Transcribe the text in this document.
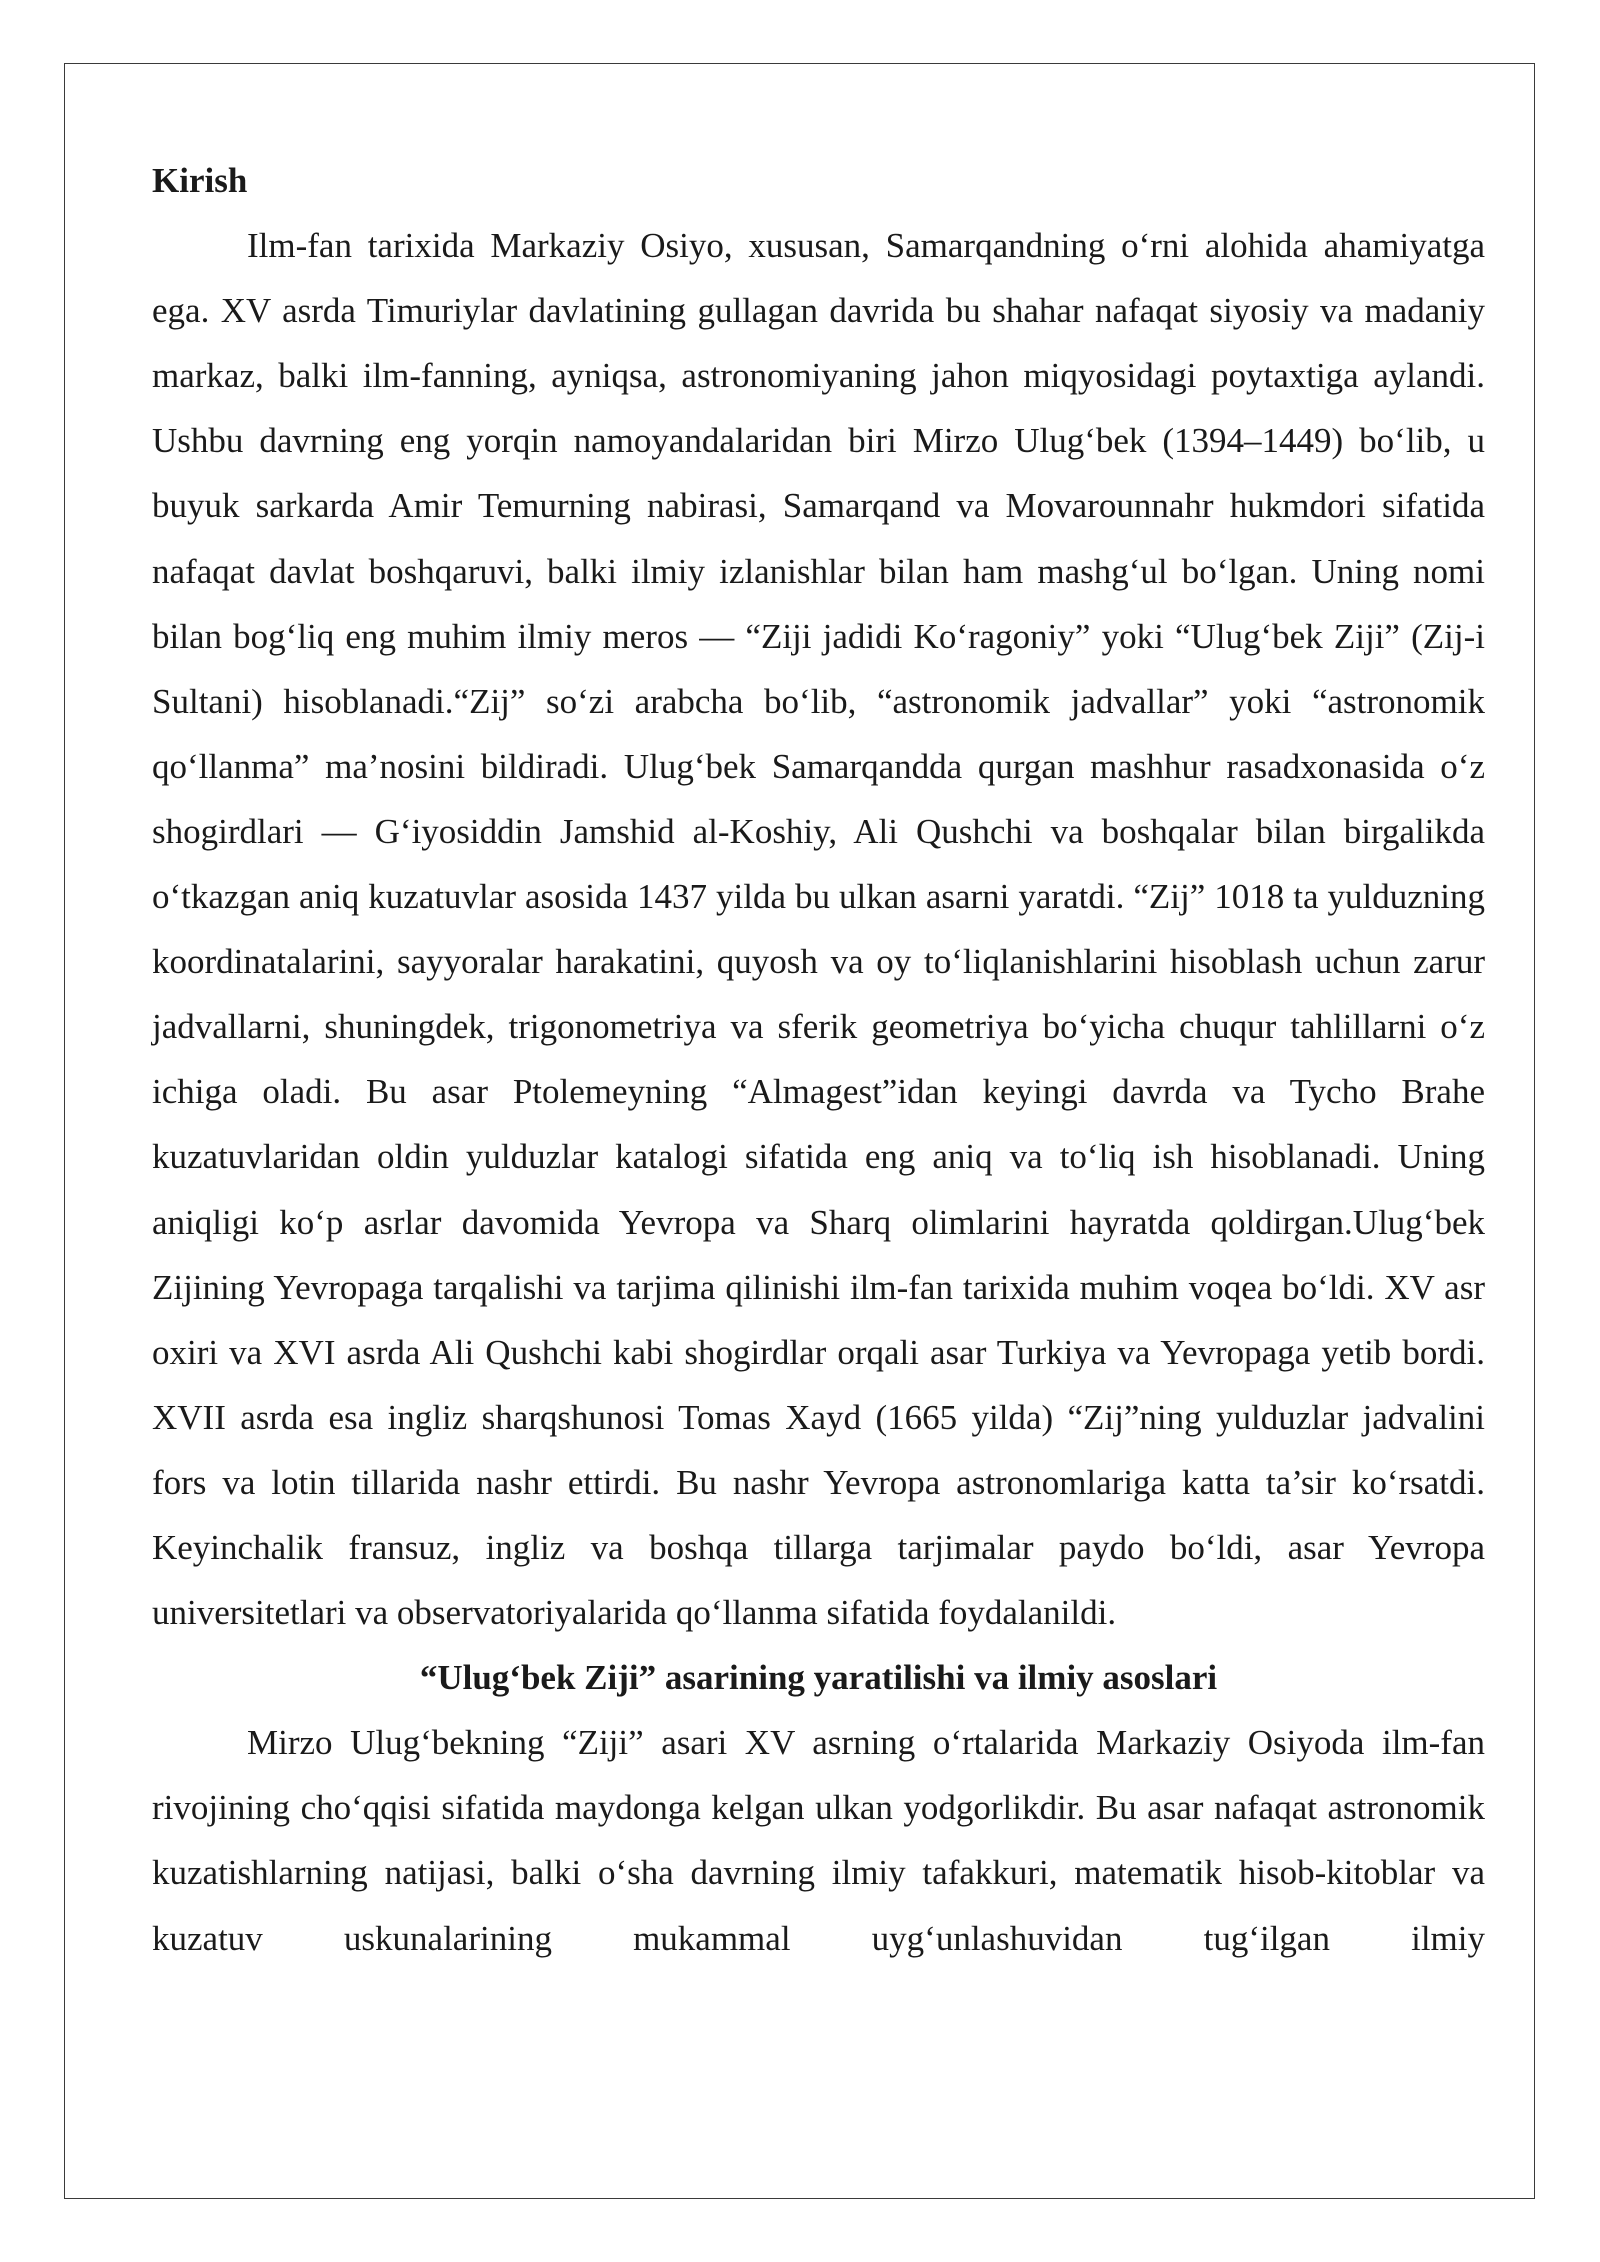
Kirish

Ilm-fan tarixida Markaziy Osiyo, xususan, Samarqandning o‘rni alohida ahamiyatga ega. XV asrda Timuriylar davlatining gullagan davrida bu shahar nafaqat siyosiy va madaniy markaz, balki ilm-fanning, ayniqsa, astronomiyaning jahon miqyosidagi poytaxtiga aylandi. Ushbu davrning eng yorqin namoyandalaridan biri Mirzo Ulug‘bek (1394–1449) bo‘lib, u buyuk sarkarda Amir Temurning nabirasi, Samarqand va Movarounnahr hukmdori sifatida nafaqat davlat boshqaruvi, balki ilmiy izlanishlar bilan ham mashg‘ul bo‘lgan. Uning nomi bilan bog‘liq eng muhim ilmiy meros — “Ziji jadidi Ko‘ragoniy” yoki “Ulug‘bek Ziji” (Zij-i Sultani) hisoblanadi.“Zij” so‘zi arabcha bo‘lib, “astronomik jadvallar” yoki “astronomik qo‘llanma” ma’nosini bildiradi. Ulug‘bek Samarqandda qurgan mashhur rasadxonasida o‘z shogirdlari — G‘iyosiddin Jamshid al-Koshiy, Ali Qushchi va boshqalar bilan birgalikda o‘tkazgan aniq kuzatuvlar asosida 1437 yilda bu ulkan asarni yaratdi. “Zij” 1018 ta yulduzning koordinatalarini, sayyoralar harakatini, quyosh va oy to‘liqlanishlarini hisoblash uchun zarur jadvallarni, shuningdek, trigonometriya va sferik geometriya bo‘yicha chuqur tahlillarni o‘z ichiga oladi. Bu asar Ptolemeyning “Almagest”idan keyingi davrda va Tycho Brahe kuzatuvlaridan oldin yulduzlar katalogi sifatida eng aniq va to‘liq ish hisoblanadi. Uning aniqligi ko‘p asrlar davomida Yevropa va Sharq olimlarini hayratda qoldirgan.Ulug‘bek Zijining Yevropaga tarqalishi va tarjima qilinishi ilm-fan tarixida muhim voqea bo‘ldi. XV asr oxiri va XVI asrda Ali Qushchi kabi shogirdlar orqali asar Turkiya va Yevropaga yetib bordi. XVII asrda esa ingliz sharqshunosi Tomas Xayd (1665 yilda) “Zij”ning yulduzlar jadvalini fors va lotin tillarida nashr ettirdi. Bu nashr Yevropa astronomlariga katta ta’sir ko‘rsatdi. Keyinchalik fransuz, ingliz va boshqa tillarga tarjimalar paydo bo‘ldi, asar Yevropa universitetlari va observatoriyalarida qo‘llanma sifatida foydalanildi.

“Ulug‘bek Ziji” asarining yaratilishi va ilmiy asoslari

Mirzo Ulug‘bekning “Ziji” asari XV asrning o‘rtalarida Markaziy Osiyoda ilm-fan rivojining cho‘qqisi sifatida maydonga kelgan ulkan yodgorlikdir. Bu asar nafaqat astronomik kuzatishlarning natijasi, balki o‘sha davrning ilmiy tafakkuri, matematik hisob-kitoblar va kuzatuv uskunalarining mukammal uyg‘unlashuvidan tug‘ilgan ilmiy
